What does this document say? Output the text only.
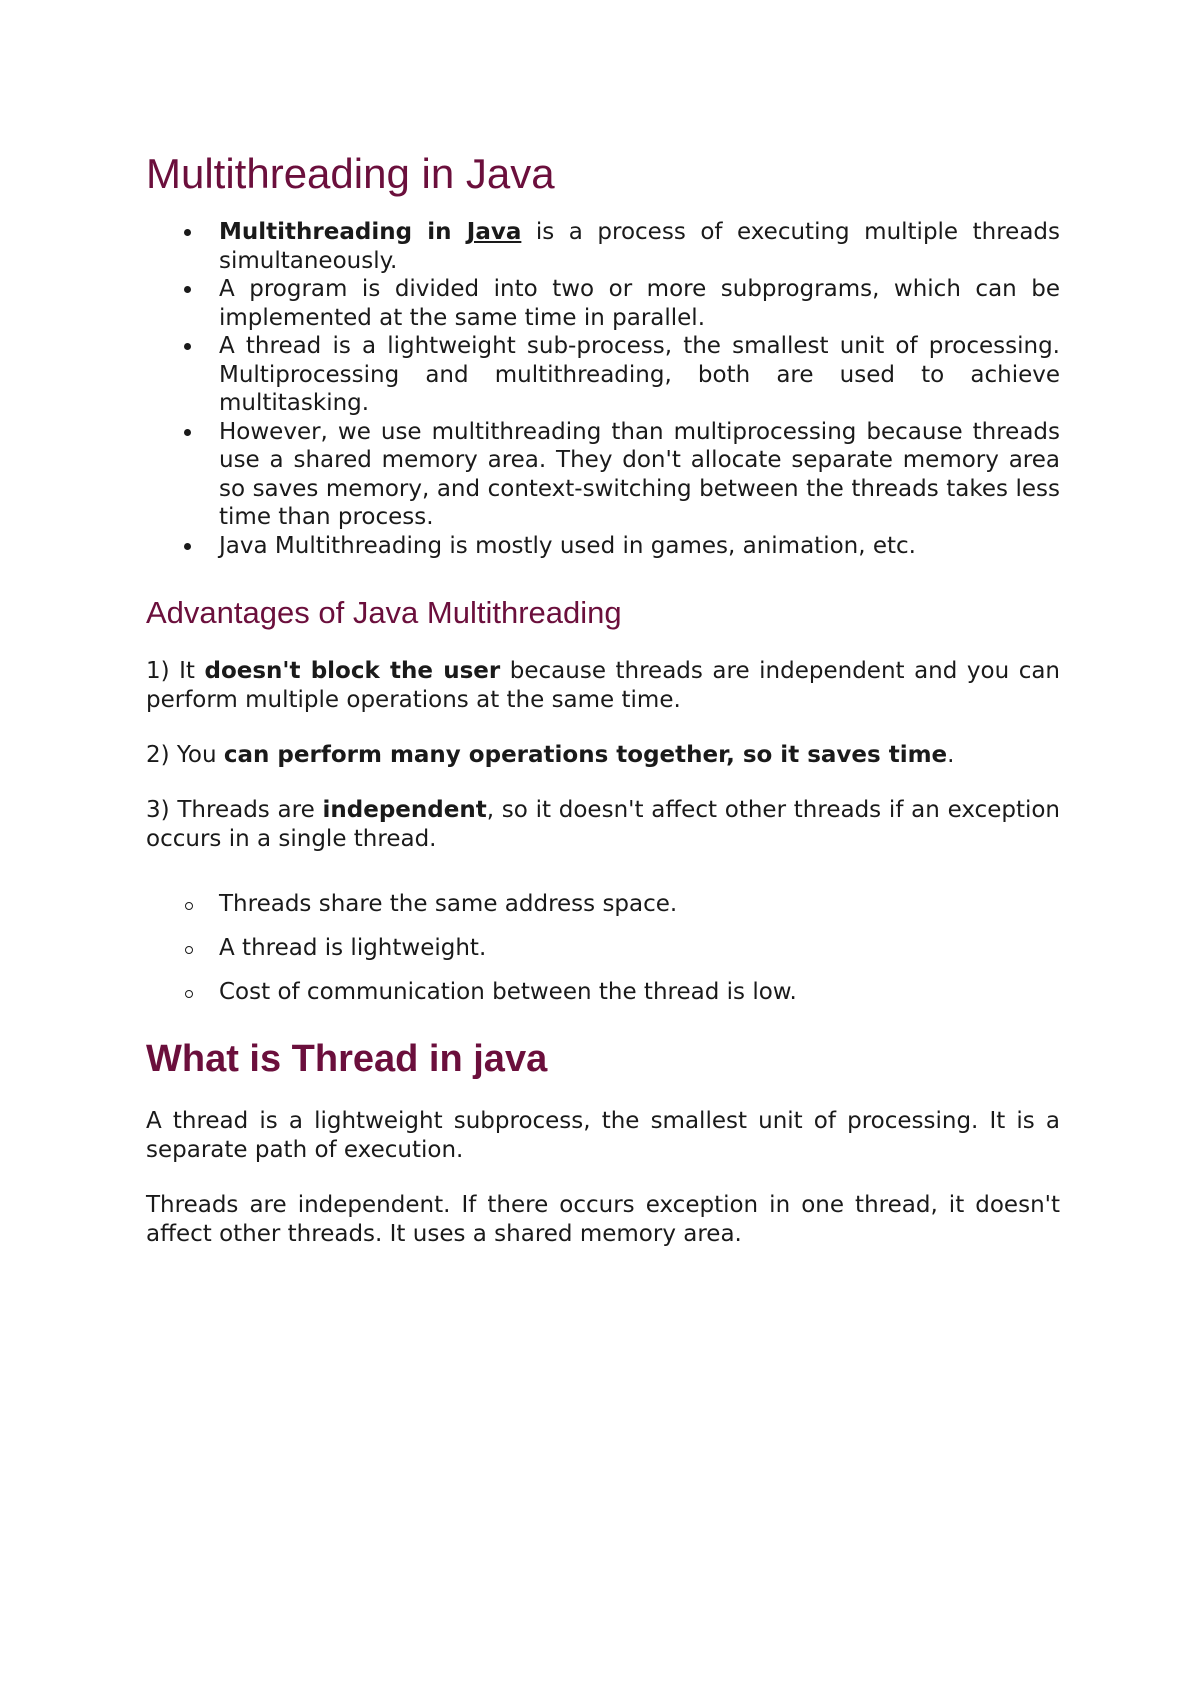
Multithreading in Java
Multithreading in Java is a process of executing multiple threads simultaneously.
A program is divided into two or more subprograms, which can be implemented at the same time in parallel.
A thread is a lightweight sub-process, the smallest unit of processing. Multiprocessing and multithreading, both are used to achieve multitasking.
However, we use multithreading than multiprocessing because threads use a shared memory area. They don't allocate separate memory area so saves memory, and context-switching between the threads takes less time than process.
Java Multithreading is mostly used in games, animation, etc.
Advantages of Java Multithreading

1) It doesn't block the user because threads are independent and you can perform multiple operations at the same time.

2) You can perform many operations together, so it saves time.

3) Threads are independent, so it doesn't affect other threads if an exception occurs in a single thread.

Threads share the same address space.
A thread is lightweight.
Cost of communication between the thread is low.
What is Thread in java

A thread is a lightweight subprocess, the smallest unit of processing. It is a separate path of execution.

Threads are independent. If there occurs exception in one thread, it doesn't affect other threads. It uses a shared memory area.
